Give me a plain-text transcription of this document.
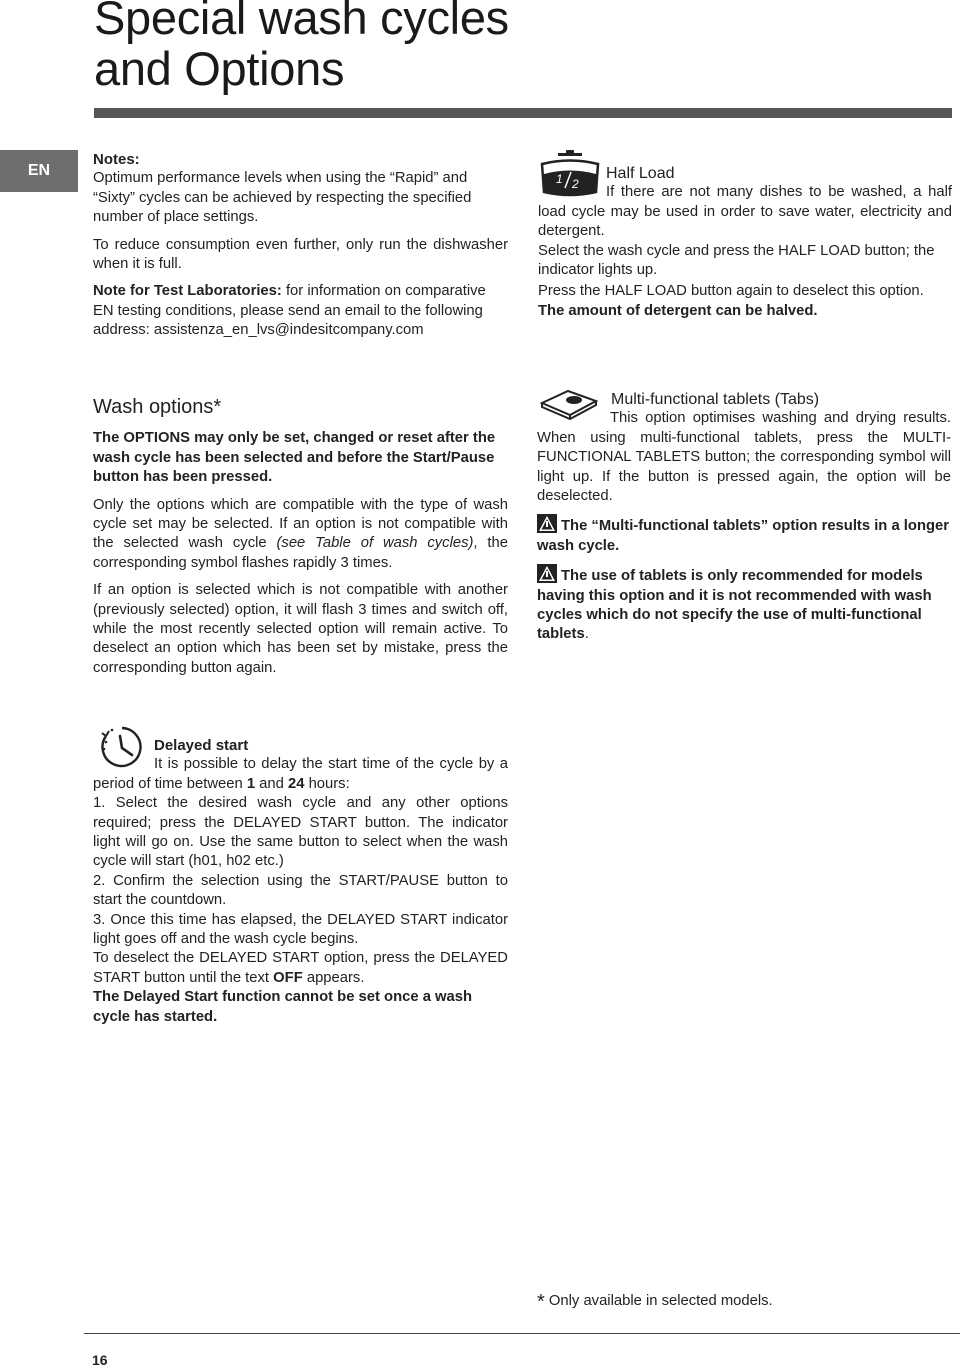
Special wash cycles
and Options
EN

Notes:

Optimum performance levels when using the “Rapid” and “Sixty” cycles can be achieved by respecting the specified number of place settings.

To reduce consumption even further, only run the dishwasher when it is full.

Note for Test Laboratories: for information on comparative EN testing conditions, please send an email to the following address: assistenza_en_lvs@indesitcompany.com

1 2

Half Load

If there are not many dishes to be washed, a half load cycle may be used in order to save water, electricity and detergent.

Select the wash cycle and press the HALF LOAD button; the indicator lights up.

Press the HALF LOAD button again to deselect this option.

The amount of detergent can be halved.

Wash options*

The OPTIONS may only be set, changed or reset after the wash cycle has been selected and before the Start/Pause button has been pressed.

Only the options which are compatible with the type of wash cycle set may be selected. If an option is not compatible with the selected wash cycle (see Table of wash cycles), the corresponding symbol flashes rapidly 3 times.

If an option is selected which is not compatible with another (previously selected) option, it will flash 3 times and switch off, while the most recently selected option will remain active. To deselect an option which has been set by mistake, press the corresponding button again.

Multi-functional tablets (Tabs)

This option optimises washing and drying results. When using multi-functional tablets, press the MULTI-FUNCTIONAL TABLETS button; the corresponding symbol will light up. If the button is pressed again, the option will be deselected.

The “Multi-functional tablets” option results in a longer wash cycle.

The use of tablets is only recommended for models having this option and it is not recommended with wash cycles which do not specify the use of multi-functional tablets.

Delayed start

It is possible to delay the start time of the cycle by a period of time between 1 and 24 hours:

1. Select the desired wash cycle and any other options required; press the DELAYED START button. The indicator light will go on. Use the same button to select when the wash cycle will start (h01, h02 etc.)

2. Confirm the selection using the START/PAUSE button to start the countdown.

3. Once this time has elapsed, the DELAYED START indicator light goes off and the wash cycle begins.

To deselect the DELAYED START option, press the DELAYED START button until the text OFF appears.

The Delayed Start function cannot be set once a wash cycle has started.

* Only available in selected models.
16
